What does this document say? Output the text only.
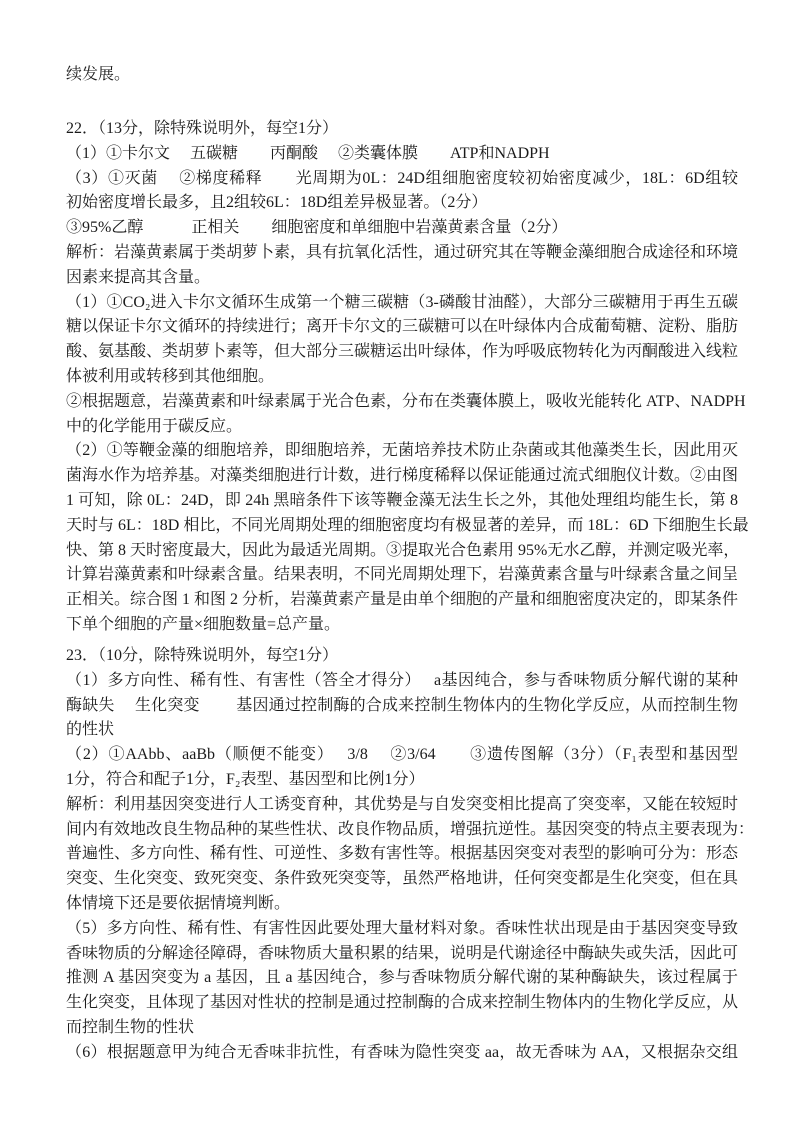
续发展。
22．（13分，除特殊说明外，每空1分）
（1）①卡尔文　 五碳糖　　丙酮酸　 ②类囊体膜　　ATP和NADPH
（3）①灭菌　 ②梯度稀释　　光周期为0L：24D组细胞密度较初始密度减少，18L：6D组较
初始密度增长最多，且2组较6L：18D组差异极显著。（2分）
③95%乙醇　　　正相关　　细胞密度和单细胞中岩藻黄素含量（2分）
解析：岩藻黄素属于类胡萝卜素，具有抗氧化活性，通过研究其在等鞭金藻细胞合成途径和环境
因素来提高其含量。
（1）①CO₂进入卡尔文循环生成第一个糖三碳糖（3-磷酸甘油醛），大部分三碳糖用于再生五碳
糖以保证卡尔文循环的持续进行；离开卡尔文的三碳糖可以在叶绿体内合成葡萄糖、淀粉、脂肪
酸、氨基酸、类胡萝卜素等，但大部分三碳糖运出叶绿体，作为呼吸底物转化为丙酮酸进入线粒
体被利用或转移到其他细胞。
②根据题意，岩藻黄素和叶绿素属于光合色素，分布在类囊体膜上，吸收光能转化 ATP、NADPH
中的化学能用于碳反应。
（2）①等鞭金藻的细胞培养，即细胞培养，无菌培养技术防止杂菌或其他藻类生长，因此用灭
菌海水作为培养基。对藻类细胞进行计数，进行梯度稀释以保证能通过流式细胞仪计数。②由图
1 可知，除 0L：24D，即 24h 黑暗条件下该等鞭金藻无法生长之外，其他处理组均能生长，第 8
天时与 6L：18D 相比，不同光周期处理的细胞密度均有极显著的差异，而 18L：6D 下细胞生长最
快、第 8 天时密度最大，因此为最适光周期。③提取光合色素用 95%无水乙醇，并测定吸光率，
计算岩藻黄素和叶绿素含量。结果表明，不同光周期处理下，岩藻黄素含量与叶绿素含量之间呈
正相关。综合图 1 和图 2 分析，岩藻黄素产量是由单个细胞的产量和细胞密度决定的，即某条件
下单个细胞的产量×细胞数量=总产量。
23．（10分，除特殊说明外，每空1分）
（1）多方向性、稀有性、有害性（答全才得分）　 a基因纯合，参与香味物质分解代谢的某种
酶缺失　 生化突变　　 基因通过控制酶的合成来控制生物体内的生物化学反应，从而控制生物
的性状
（2）①AAbb、aaBb（顺便不能变）　 3/8　 ②3/64　　③遗传图解（3分）（F₁表型和基因型
1分，符合和配子1分，F₂表型、基因型和比例1分）
解析：利用基因突变进行人工诱变育种，其优势是与自发突变相比提高了突变率，又能在较短时
间内有效地改良生物品种的某些性状、改良作物品质，增强抗逆性。基因突变的特点主要表现为：
普遍性、多方向性、稀有性、可逆性、多数有害性等。根据基因突变对表型的影响可分为：形态
突变、生化突变、致死突变、条件致死突变等，虽然严格地讲，任何突变都是生化突变，但在具
体情境下还是要依据情境判断。
（5）多方向性、稀有性、有害性因此要处理大量材料对象。香味性状出现是由于基因突变导致
香味物质的分解途径障碍，香味物质大量积累的结果，说明是代谢途径中酶缺失或失活，因此可
推测 A 基因突变为 a 基因，且 a 基因纯合，参与香味物质分解代谢的某种酶缺失，该过程属于
生化突变，且体现了基因对性状的控制是通过控制酶的合成来控制生物体内的生物化学反应，从
而控制生物的性状
（6）根据题意甲为纯合无香味非抗性，有香味为隐性突变 aa，故无香味为 AA，又根据杂交组
